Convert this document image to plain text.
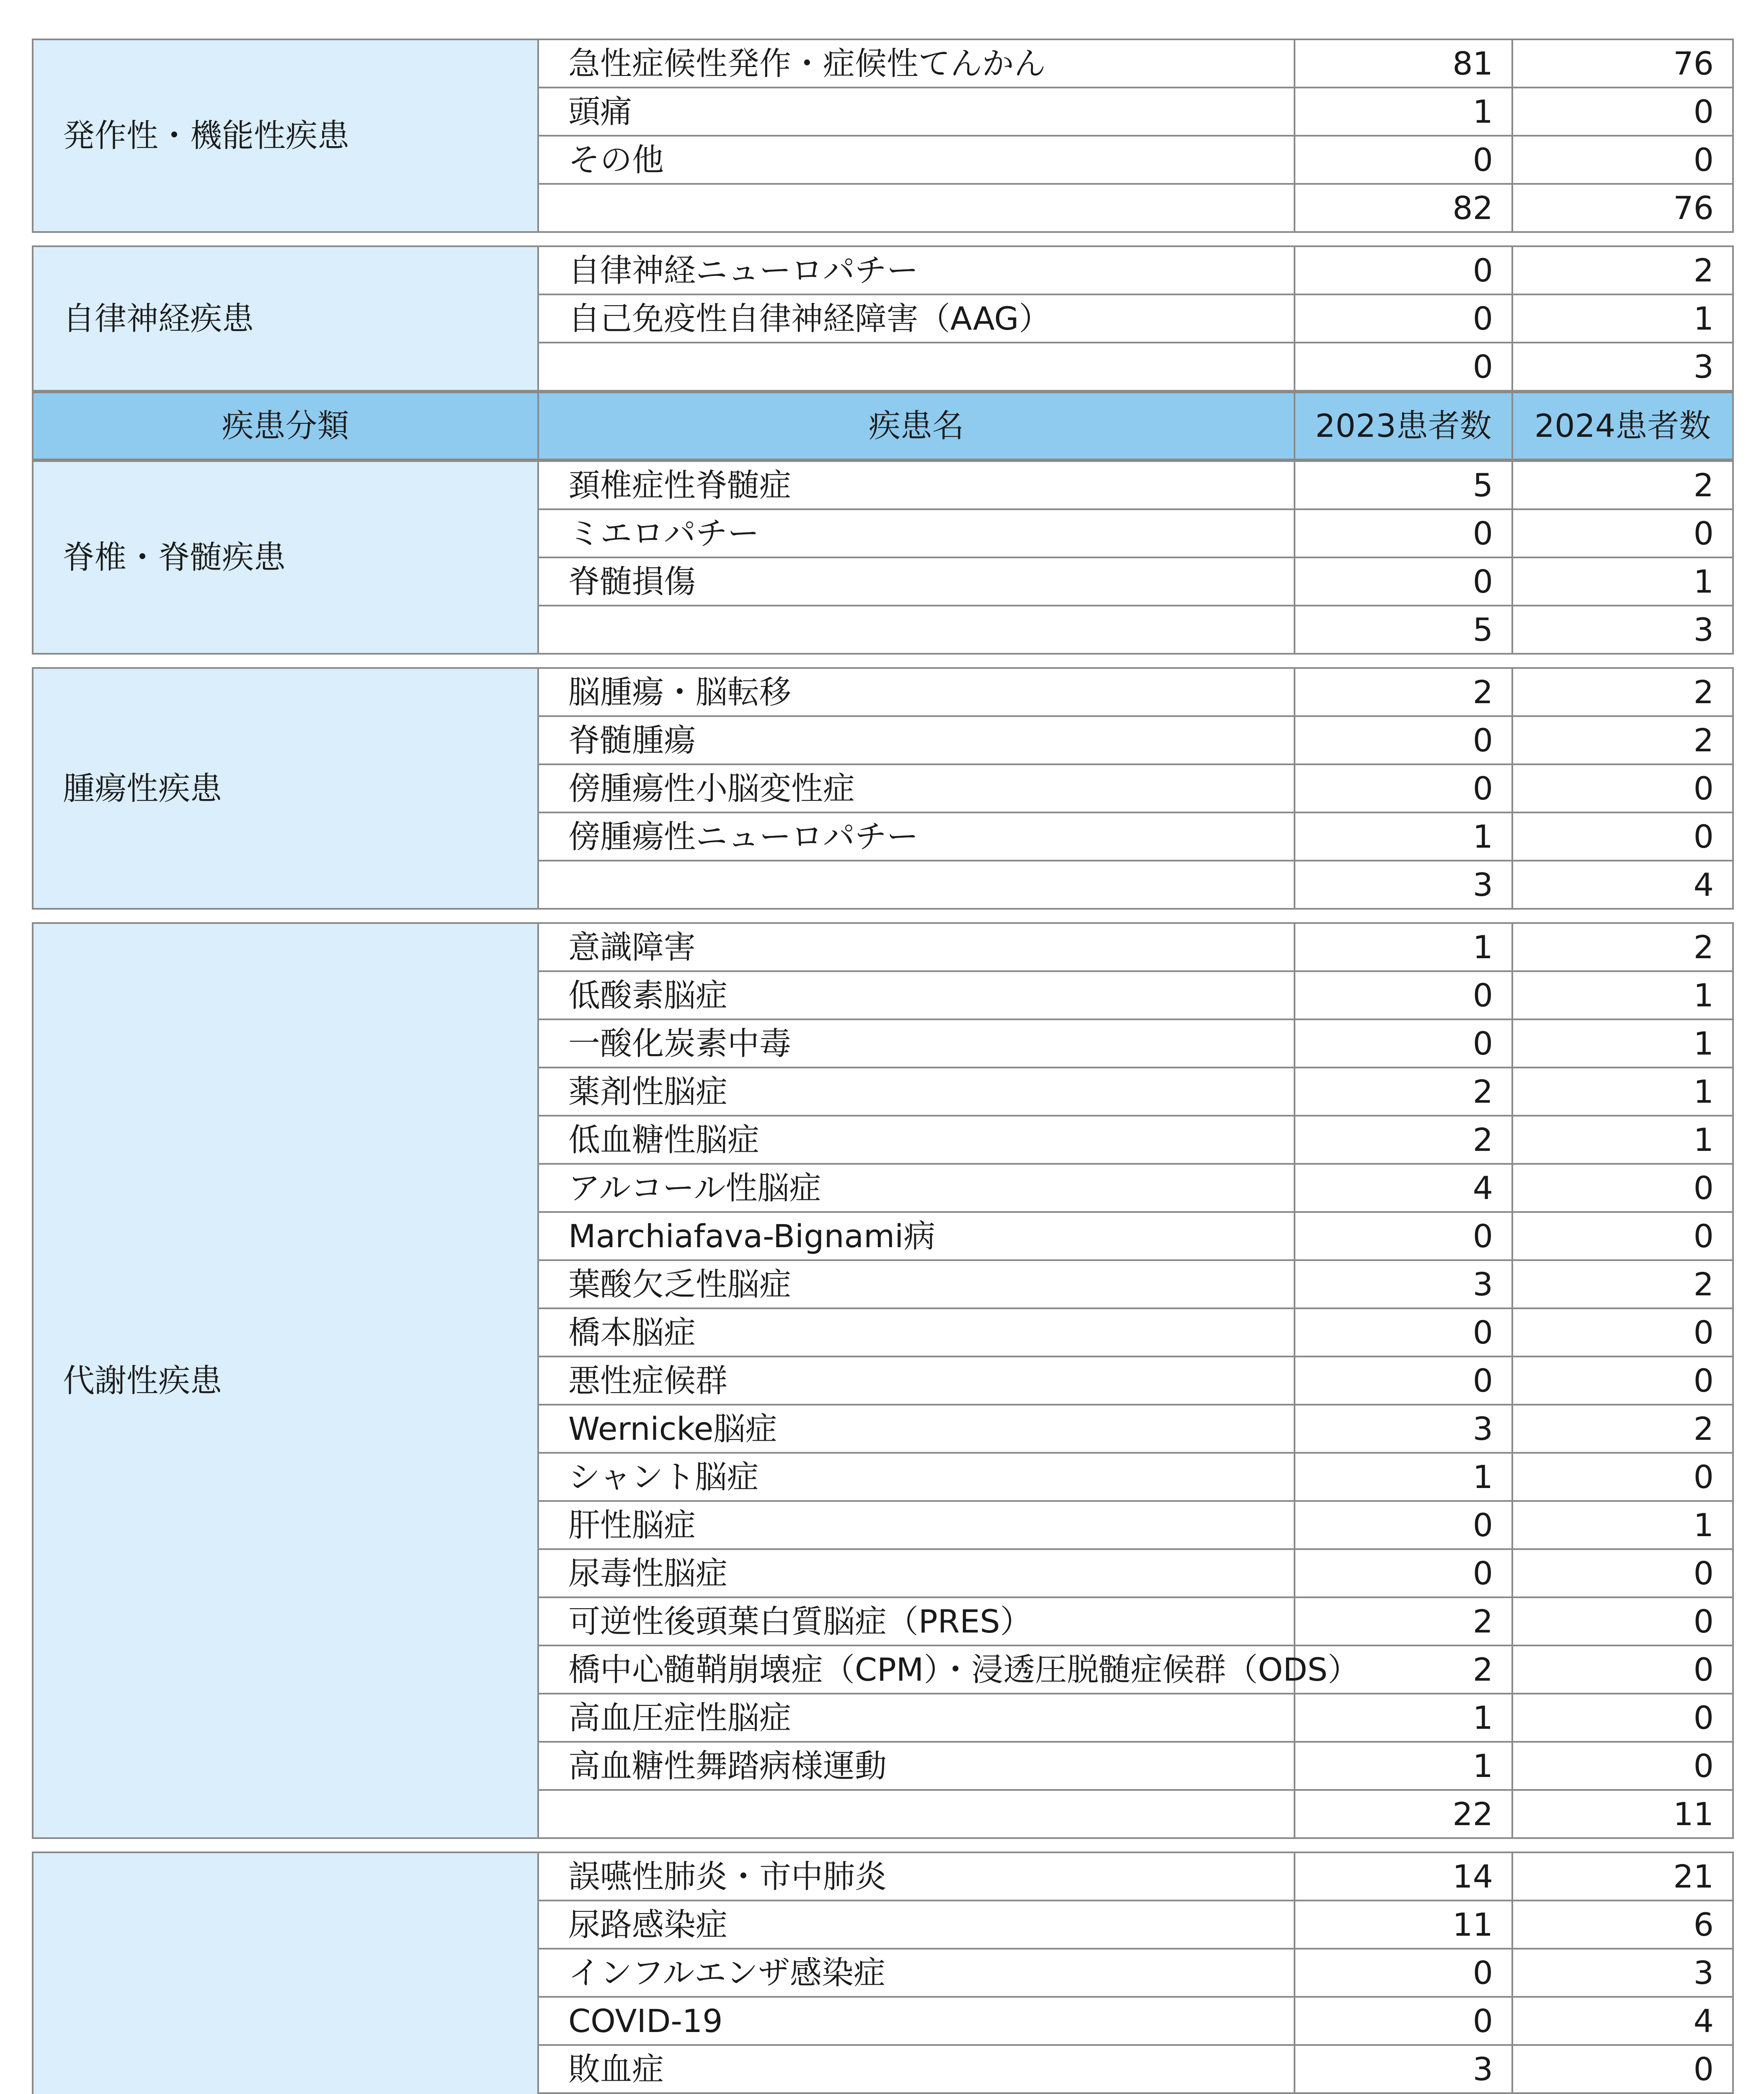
発作性・機能性疾患	急性症候性発作・症候性てんかん	81	76
	頭痛	1	0
	その他	0	0
		82	76
自律神経疾患	自律神経ニューロパチー	0	2
	自己免疫性自律神経障害（AAG）	0	1
		0	3
疾患分類	疾患名	2023患者数	2024患者数
脊椎・脊髄疾患	頚椎症性脊髄症	5	2
	ミエロパチー	0	0
	脊髄損傷	0	1
		5	3
腫瘍性疾患	脳腫瘍・脳転移	2	2
	脊髄腫瘍	0	2
	傍腫瘍性小脳変性症	0	0
	傍腫瘍性ニューロパチー	1	0
		3	4
代謝性疾患	意識障害	1	2
	低酸素脳症	0	1
	一酸化炭素中毒	0	1
	薬剤性脳症	2	1
	低血糖性脳症	2	1
	アルコール性脳症	4	0
	Marchiafava-Bignami病	0	0
	葉酸欠乏性脳症	3	2
	橋本脳症	0	0
	悪性症候群	0	0
	Wernicke脳症	3	2
	シャント脳症	1	0
	肝性脳症	0	1
	尿毒性脳症	0	0
	可逆性後頭葉白質脳症（PRES）	2	0
	橋中心髄鞘崩壊症（CPM）・浸透圧脱髄症候群（ODS）	2	0
	高血圧症性脳症	1	0
	高血糖性舞踏病様運動	1	0
		22	11
	誤嚥性肺炎・市中肺炎	14	21
	尿路感染症	11	6
	インフルエンザ感染症	0	3
	COVID-19	0	4
	敗血症	3	0
